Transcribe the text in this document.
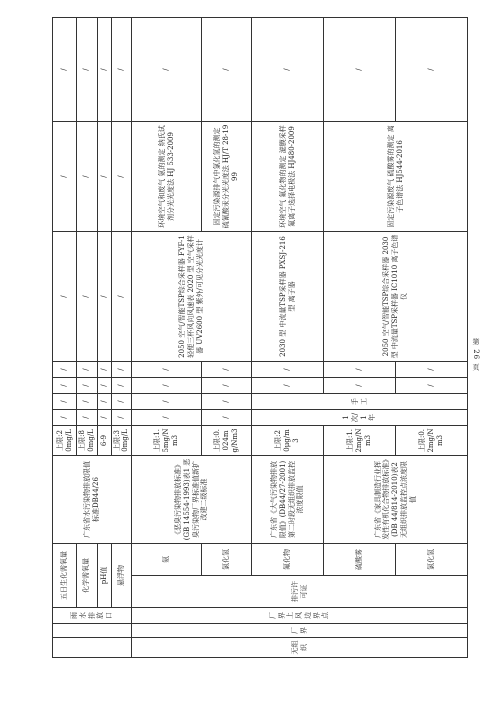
		雨水排放口	五日生化需氧量		广东省水污染物排放限值标准DB44/26	上限:20mg/L	/	/	/	/	/	/	/
			化学需氧量			上限:80mg/L	/	/	/	/	/	/	/
			pH值			6-9	/	/	/	/	/	/	/
			悬浮物			上限:30mg/L	/	/	/	/	/	/	/
无组织	厂界	厂界上风边界点	排污许可证	氨	《恶臭污染物排放标准》(GB 14554-1993)表1 恶臭污染物厂界标准值新扩改建二级标准	上限:1.5mg/Nm3	/	/	/	/	2050 空气/智能TSP综合采样器 FYF-1 轻便三杯风向风速表 2020 型 空气采样器 UV2600 型 紫外/可见分光光度计	环境空气和废气 氨的测定 纳氏试剂分光光度法 HJ 533-2009	/
				氯化氢		上限:0.024mg/Nm3	/	/	/	/		固定污染源排气中氯化氢的测定 硫氰酸汞分光光度法 HJ/T 28-1999	/
				氟化物	广东省《大气污染物排放限值》(DB44/27-2001)第二时段无组织排放监控浓度限值	上限:20μg/m3	1次/1年	手工	/	/	2030 型 中流量TSP采样器 PXSJ-216 型 离子器	环境空气 氟化物的测定 滤膜采样氟离子选择电极法 HJ480-2009	/
				硫酸雾	广东省《家具制造行业挥发性有机化合物排放标准》(DB 44/814-2010)表2 无组织排放监控点浓度限值	上限:1.2mg/Nm3			/	/	2050 空气/智能TSP综合采样器 2030 型 中流量TSP采样器 IC1010 离子色谱仪	固定污染源废气 硫酸雾的测定 离子色谱法 HJ544-2016	/
				氯化氢		上限:0.2mg/Nm3			/	/			/
第 26 页
